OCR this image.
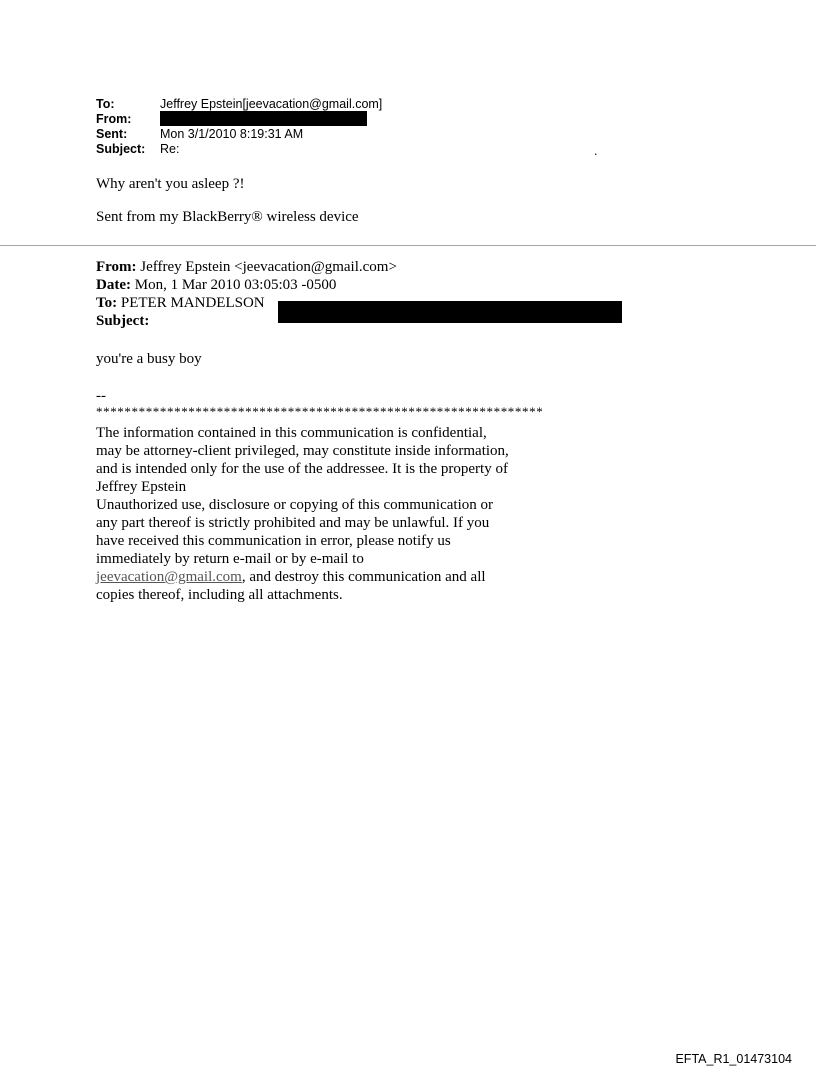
To:	Jeffrey Epstein[jeevacation@gmail.com]
From:
Sent:	Mon 3/1/2010 8:19:31 AM
Subject:	Re:	.
Why aren't you asleep ?!
Sent from my BlackBerry® wireless device
From: Jeffrey Epstein <jeevacation@gmail.com>
Date: Mon, 1 Mar 2010 03:05:03 -0500
To: PETER MANDELSON
Subject:
you're a busy boy
--
***************************************************************

The information contained in this communication is confidential, may be attorney-client privileged, may constitute inside information, and is intended only for the use of the addressee. It is the property of

Jeffrey Epstein

Unauthorized use, disclosure or copying of this communication or any part thereof is strictly prohibited and may be unlawful. If you have received this communication in error, please notify us immediately by return e-mail or by e-mail to jeevacation@gmail.com, and destroy this communication and all copies thereof, including all attachments.

EFTA_R1_01473104
